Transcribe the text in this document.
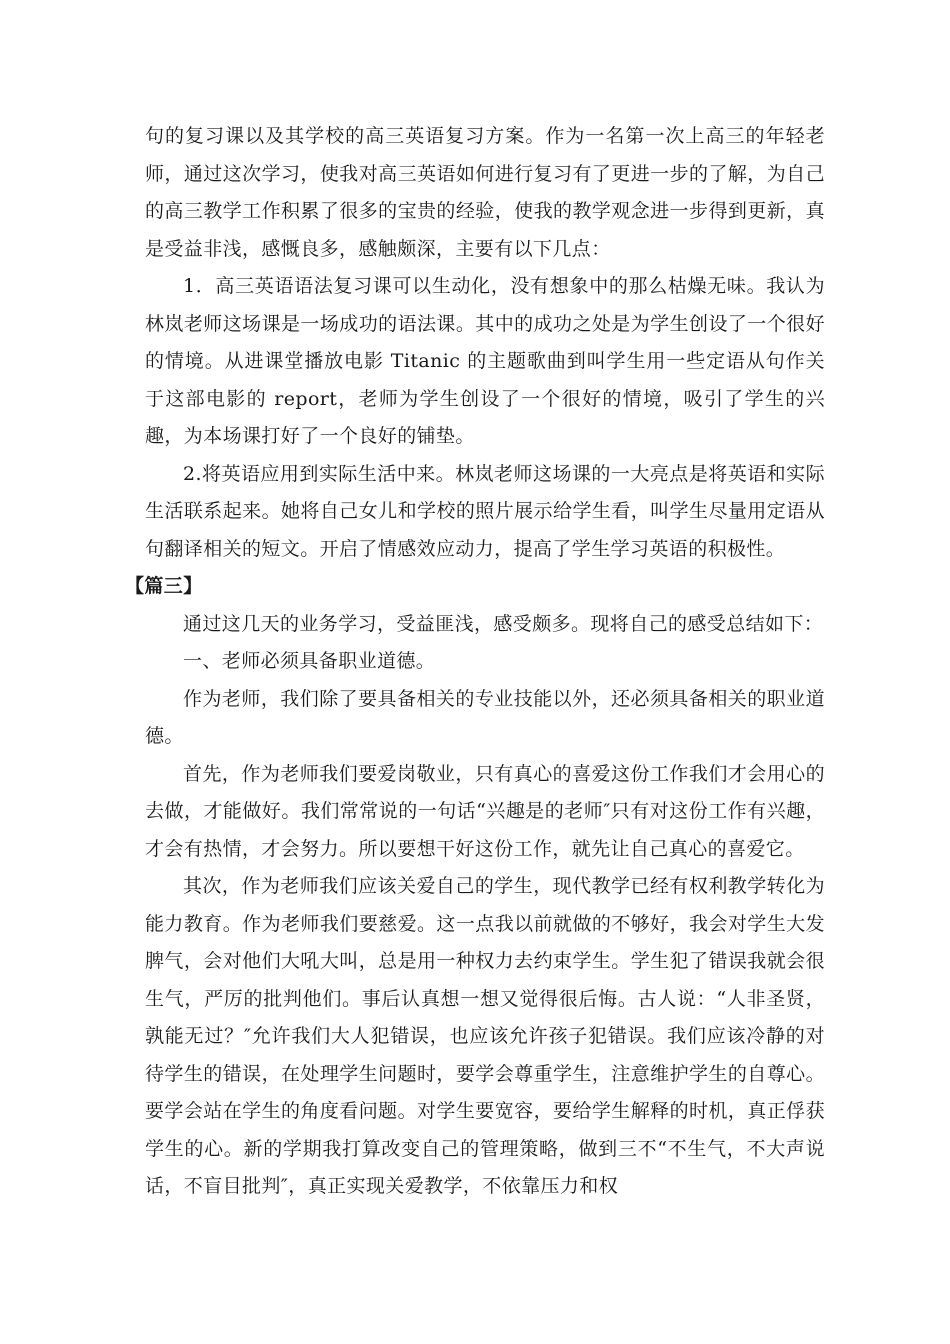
句的复习课以及其学校的高三英语复习方案。作为一名第一次上高三的年轻老师，通过这次学习，使我对高三英语如何进行复习有了更进一步的了解，为自己的高三教学工作积累了很多的宝贵的经验，使我的教学观念进一步得到更新，真是受益非浅，感慨良多，感触颇深，主要有以下几点：

1．高三英语语法复习课可以生动化，没有想象中的那么枯燥无味。我认为林岚老师这场课是一场成功的语法课。其中的成功之处是为学生创设了一个很好的情境。从进课堂播放电影 Titanic 的主题歌曲到叫学生用一些定语从句作关于这部电影的 report，老师为学生创设了一个很好的情境，吸引了学生的兴趣，为本场课打好了一个良好的铺垫。

2.将英语应用到实际生活中来。林岚老师这场课的一大亮点是将英语和实际生活联系起来。她将自己女儿和学校的照片展示给学生看，叫学生尽量用定语从句翻译相关的短文。开启了情感效应动力，提高了学生学习英语的积极性。

【篇三】

通过这几天的业务学习，受益匪浅，感受颇多。现将自己的感受总结如下：

一、老师必须具备职业道德。

作为老师，我们除了要具备相关的专业技能以外，还必须具备相关的职业道德。

首先，作为老师我们要爱岗敬业，只有真心的喜爱这份工作我们才会用心的去做，才能做好。我们常常说的一句话“兴趣是的老师″只有对这份工作有兴趣，才会有热情，才会努力。所以要想干好这份工作，就先让自己真心的喜爱它。

其次，作为老师我们应该关爱自己的学生，现代教学已经有权利教学转化为能力教育。作为老师我们要慈爱。这一点我以前就做的不够好，我会对学生大发脾气，会对他们大吼大叫，总是用一种权力去约束学生。学生犯了错误我就会很生气，严厉的批判他们。事后认真想一想又觉得很后悔。古人说：“人非圣贤，孰能无过？″允许我们大人犯错误，也应该允许孩子犯错误。我们应该冷静的对待学生的错误，在处理学生问题时，要学会尊重学生，注意维护学生的自尊心。要学会站在学生的角度看问题。对学生要宽容，要给学生解释的时机，真正俘获学生的心。新的学期我打算改变自己的管理策略，做到三不“不生气，不大声说话，不盲目批判″，真正实现关爱教学，不依靠压力和权
